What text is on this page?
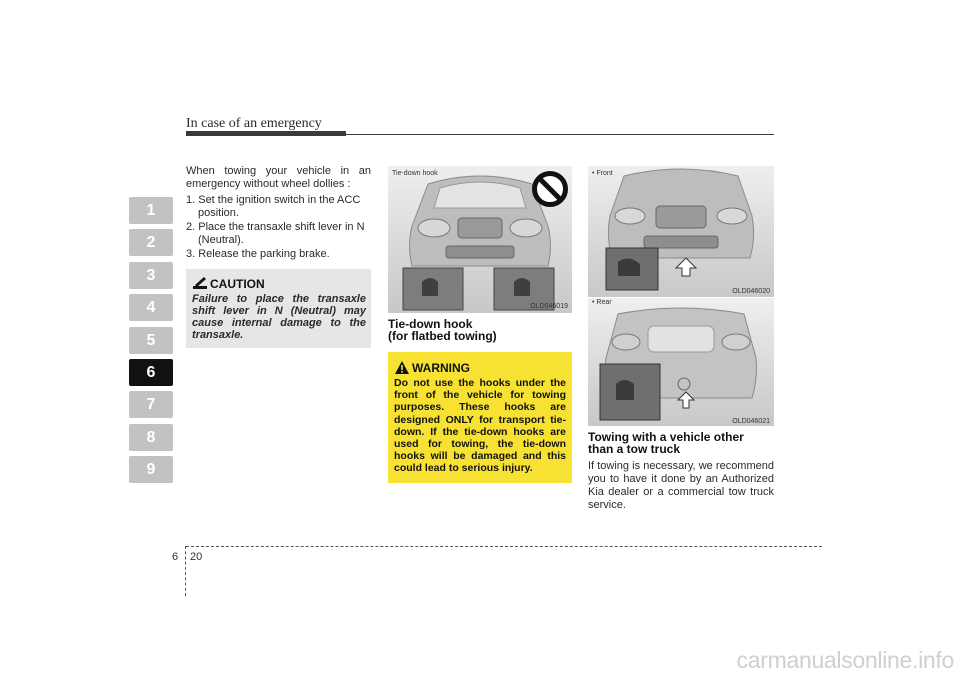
In case of an emergency
1
2
3
4
5
6
7
8
9
When towing your vehicle in an emergency without wheel dollies :
1. Set the ignition switch in the ACC position.
2. Place the transaxle shift lever in N (Neutral).
3. Release the parking brake.
CAUTION
Failure to place the transaxle shift lever in N (Neutral) may cause internal damage to the transaxle.
Tie-down hook
OLD046019
Tie-down hook
(for flatbed towing)
WARNING
Do not use the hooks under the front of the vehicle for towing purposes. These hooks are designed ONLY for transport tie-down. If the tie-down hooks are used for towing, the tie-down hooks will be damaged and this could lead to serious injury.
• Front
OLD046020
• Rear
OLD046021
Towing with a vehicle other
than a tow truck
If towing is necessary, we recommend you to have it done by an Authorized Kia dealer or a commercial tow truck service.
6 20
carmanualsonline.info
